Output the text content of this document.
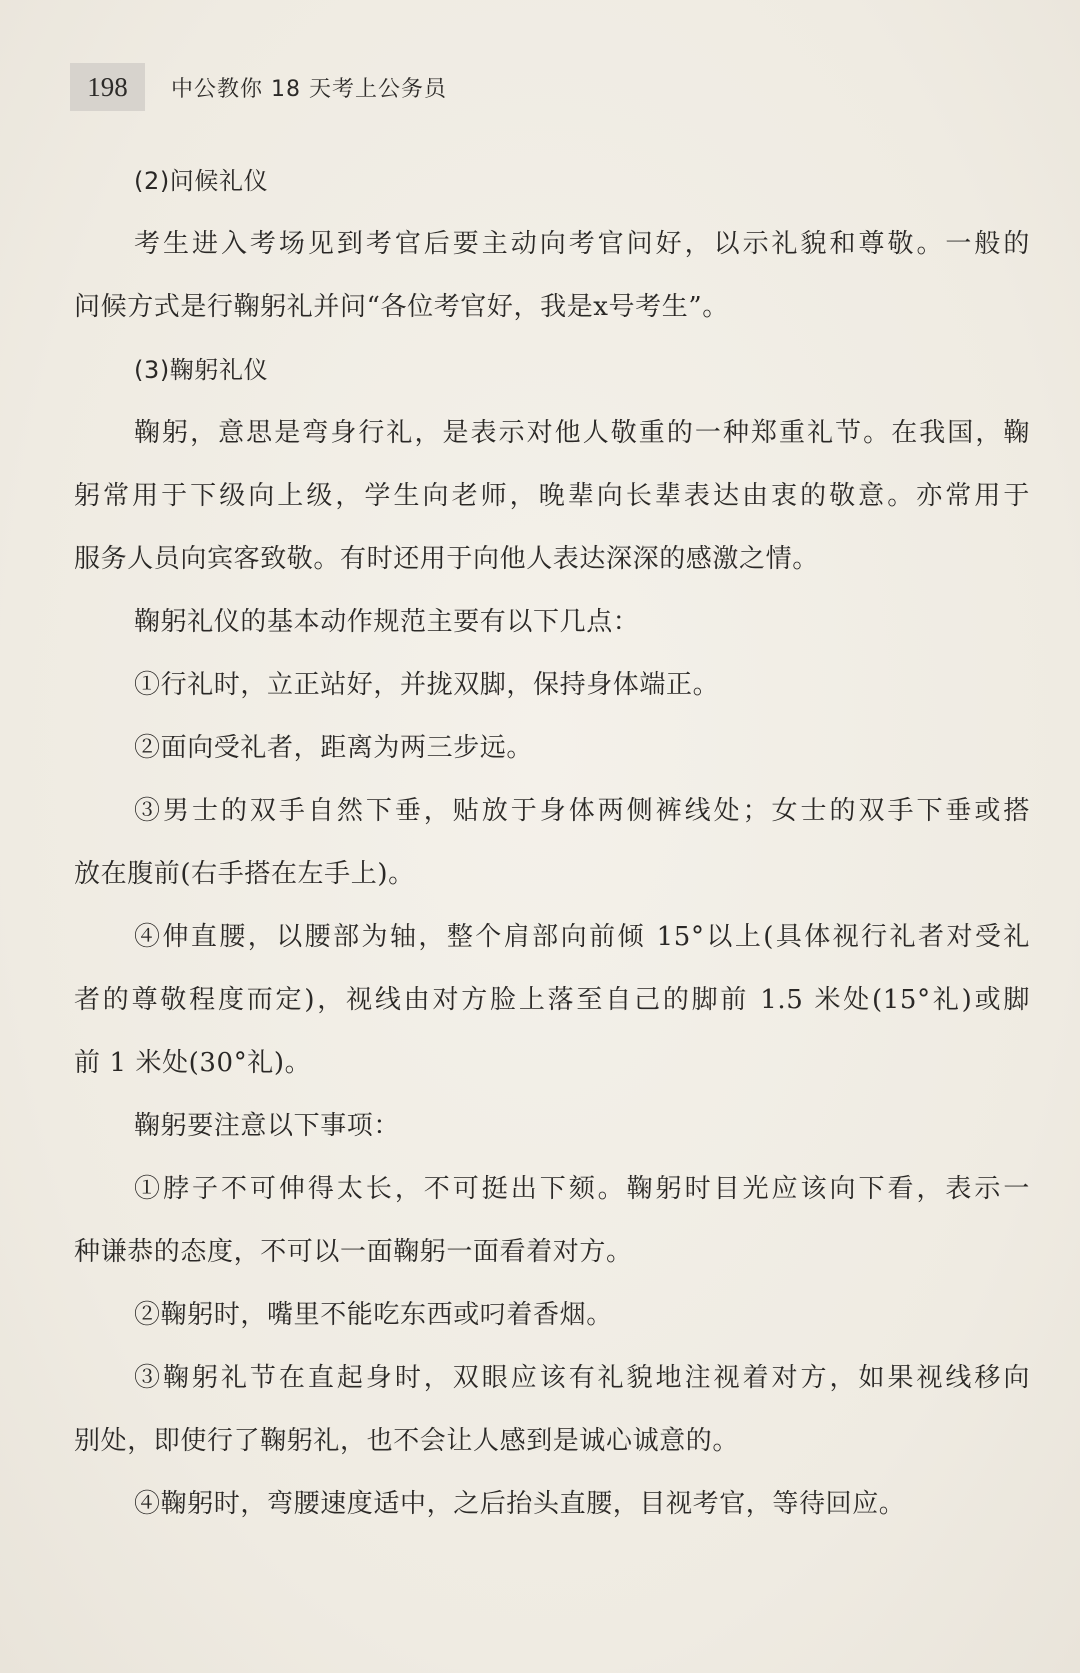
198	中公教你 18 天考上公务员
(2)问候礼仪
考生进入考场见到考官后要主动向考官问好，以示礼貌和尊敬。一般的
问候方式是行鞠躬礼并问“各位考官好，我是x号考生”。
(3)鞠躬礼仪
鞠躬，意思是弯身行礼，是表示对他人敬重的一种郑重礼节。在我国，鞠
躬常用于下级向上级，学生向老师，晚辈向长辈表达由衷的敬意。亦常用于
服务人员向宾客致敬。有时还用于向他人表达深深的感激之情。
鞠躬礼仪的基本动作规范主要有以下几点：
①行礼时，立正站好，并拢双脚，保持身体端正。
②面向受礼者，距离为两三步远。
③男士的双手自然下垂，贴放于身体两侧裤线处；女士的双手下垂或搭
放在腹前(右手搭在左手上)。
④伸直腰，以腰部为轴，整个肩部向前倾 15°以上(具体视行礼者对受礼
者的尊敬程度而定)，视线由对方脸上落至自己的脚前 1.5 米处(15°礼)或脚
前 1 米处(30°礼)。
鞠躬要注意以下事项：
①脖子不可伸得太长，不可挺出下颏。鞠躬时目光应该向下看，表示一
种谦恭的态度，不可以一面鞠躬一面看着对方。
②鞠躬时，嘴里不能吃东西或叼着香烟。
③鞠躬礼节在直起身时，双眼应该有礼貌地注视着对方，如果视线移向
别处，即使行了鞠躬礼，也不会让人感到是诚心诚意的。
④鞠躬时，弯腰速度适中，之后抬头直腰，目视考官，等待回应。
